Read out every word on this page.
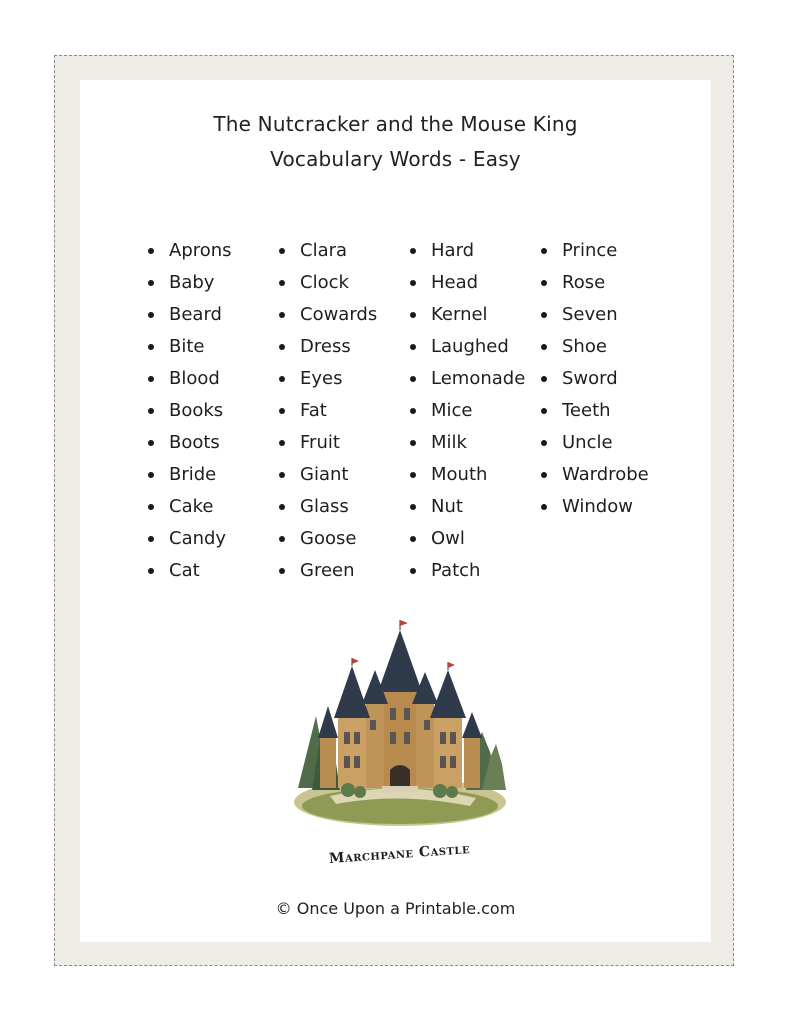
The Nutcracker and the Mouse King
Vocabulary Words - Easy
Aprons
Baby
Beard
Bite
Blood
Books
Boots
Bride
Cake
Candy
Cat
Clara
Clock
Cowards
Dress
Eyes
Fat
Fruit
Giant
Glass
Goose
Green
Hard
Head
Kernel
Laughed
Lemonade
Mice
Milk
Mouth
Nut
Owl
Patch
Prince
Rose
Seven
Shoe
Sword
Teeth
Uncle
Wardrobe
Window
Marchpane Castle
© Once Upon a Printable.com
